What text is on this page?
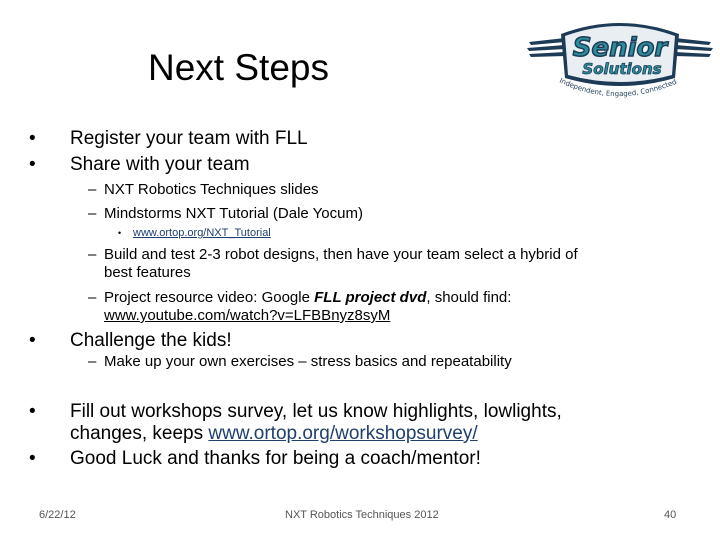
Next Steps	Senior
Solutions
Independent, Engaged, Connected
• Register your team with FLL
• Share with your team
– NXT Robotics Techniques slides
– Mindstorms NXT Tutorial (Dale Yocum)
• www.ortop.org/NXT_Tutorial
– Build and test 2-3 robot designs, then have your team select a hybrid of
best features
– Project resource video: Google FLL project dvd, should find:
www.youtube.com/watch?v=LFBBnyz8syM
• Challenge the kids!
– Make up your own exercises – stress basics and repeatability
• Fill out workshops survey, let us know highlights, lowlights,
changes, keeps www.ortop.org/workshopsurvey/
• Good Luck and thanks for being a coach/mentor!
6/22/12	NXT Robotics Techniques 2012	40
